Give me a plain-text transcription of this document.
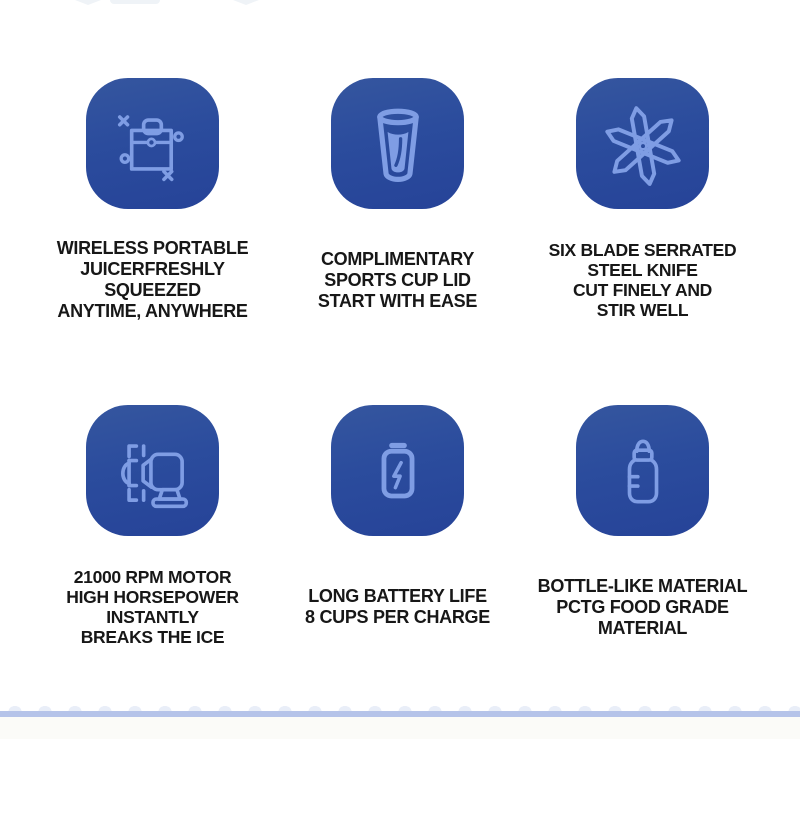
WIRELESS PORTABLE
JUICERFRESHLY SQUEEZED
ANYTIME, ANYWHERE
COMPLIMENTARY
SPORTS CUP LID
START WITH EASE
SIX BLADE SERRATED
STEEL KNIFE
CUT FINELY AND
STIR WELL
21000 RPM MOTOR
HIGH HORSEPOWER
INSTANTLY
BREAKS THE ICE
LONG BATTERY LIFE
8 CUPS PER CHARGE
BOTTLE-LIKE MATERIAL
PCTG FOOD GRADE
MATERIAL
